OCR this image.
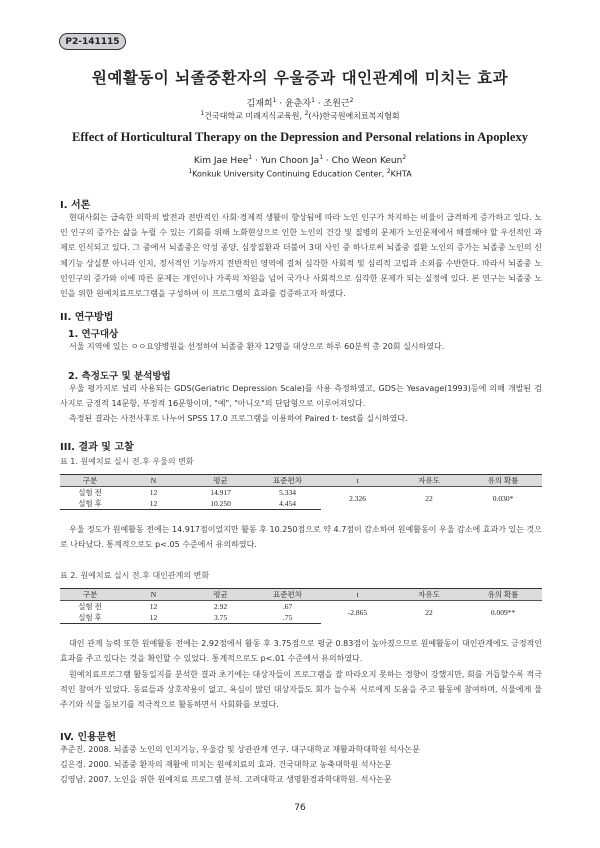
P2-141115
원예활동이 뇌졸중환자의 우울증과 대인관계에 미치는 효과
김재희$^1$ · 윤춘자$^1$ · 조원근$^2$
$^1$건국대학교 미래지식교육원, $^2$(사)한국원예치료복지협회
Effect of Horticultural Therapy on the Depression and Personal relations in Apoplexy
Kim Jae Hee$^1$ · Yun Choon $Ja^1$ · Cho Weon Keun$^2$
$^1$Konkuk University Continuing Education Center, $^2$KHTA
I. 서론
현대사회는 급속한 의학의 발전과 전반적인 사회·경제적 생활이 향상됨에 따라 노인 인구가 차지하는 비율이 급격하게 증가하고 있다. 노인 인구의 증가는 삶을 누릴 수 있는 기회를 위해 노화현상으로 인한 노인의 건강 및 질병의 문제가 노인문제에서 해결해야 할 우선적인 과제로 인식되고 있다. 그 중에서 뇌졸중은 악성 종양, 심장질환과 더불어 3대 사인 중 하나로써 뇌졸중 질환 노인의 증가는 뇌졸중 노인의 신체기능 상실뿐 아니라 인지, 정서적인 기능까지 전반적인 영역에 걸쳐 심각한 사회적 및 심리적 고립과 소외를 수반한다. 따라서 뇌졸중 노인인구의 증가와 이에 따른 문제는 개인이나 가족의 차원을 넘어 국가나 사회적으로 심각한 문제가 되는 실정에 있다. 본 연구는 뇌졸중 노인을 위한 원예치료프로그램을 구성하여 이 프로그램의 효과를 검증하고자 하였다.
II. 연구방법
1. 연구대상
서울 지역에 있는 ㅇㅇ요양병원을 선정하여 뇌졸중 환자 12명을 대상으로 하루 60분씩 총 20회 실시하였다.
2. 측정도구 및 분석방법
우울 평가지로 널리 사용되는 GDS(Geriatric Depression Scale)를 사용 측정하였고, GDS는 Yesavage(1993)등에 의해 개발된 검사지로 긍정적 14문항, 부정적 16문항이며, "예", "아니오"의 단답형으로 이루어져있다.
측정된 결과는 사전사후로 나누어 SPSS 17.0 프로그램을 이용하여 Paired t- test를 실시하였다.
III. 결과 및 고찰
표 1. 원예치료 실시 전.후 우울의 변화
구분	N	평균	표준편차	t	자유도	유의 확률
실험 전	12	14.917	5.334	2.326	22	0.030*
실험 후	12	10.250	4.454			
우울 정도가 원예활동 전에는 14.917점이었지만 활동 후 10.250점으로 약 4.7점이 감소하여 원예활동이 우울 감소에 효과가 있는 것으로 나타났다. 통계적으로도 p<.05 수준에서 유의하였다.
표 2. 원예치료 실시 전.후 대인관계의 변화
구분	N	평균	표준편차	t	자유도	유의 확률
실험 전	12	2.92	.67	-2.865	22	0.009**
실험 후	12	3.75	.75			
대인 관계 능력 또한 원예활동 전에는 2.92점에서 활동 후 3.75점으로 평균 0.83점이 높아졌으므로 원예활동이 대인관계에도 긍정적인 효과를 주고 있다는 것을 확인할 수 있었다. 통계적으로도 p<.01 수준에서 유의하였다.
원예치료프로그램 활동일지를 분석한 결과 초기에는 대상자들이 프로그램을 잘 따라오지 못하는 경향이 강했지만, 회를 거듭할수록 적극적인 참여가 있었다. 동료들과 상호작용이 없고, 욕심이 많던 대상자들도 회가 늘수록 서로에게 도움을 주고 활동에 참여하며, 식물에게 물주기와 식물 돌보기를 적극적으로 활동하면서 사회화를 보였다.
IV. 인용문헌
추준진. 2008. 뇌졸중 노인의 인지기능, 우울감 및 상관관계 연구. 대구대학교 재활과학대학원 석사논문
김은경. 2000. 뇌졸중 환자의 재활에 미치는 원예치료의 효과. 건국대학교 농축대학원 석사논문
김영남. 2007. 노인을 위한 원예치료 프로그램 분석. 고려대학교 생명환경과학대학원. 석사논문
76
